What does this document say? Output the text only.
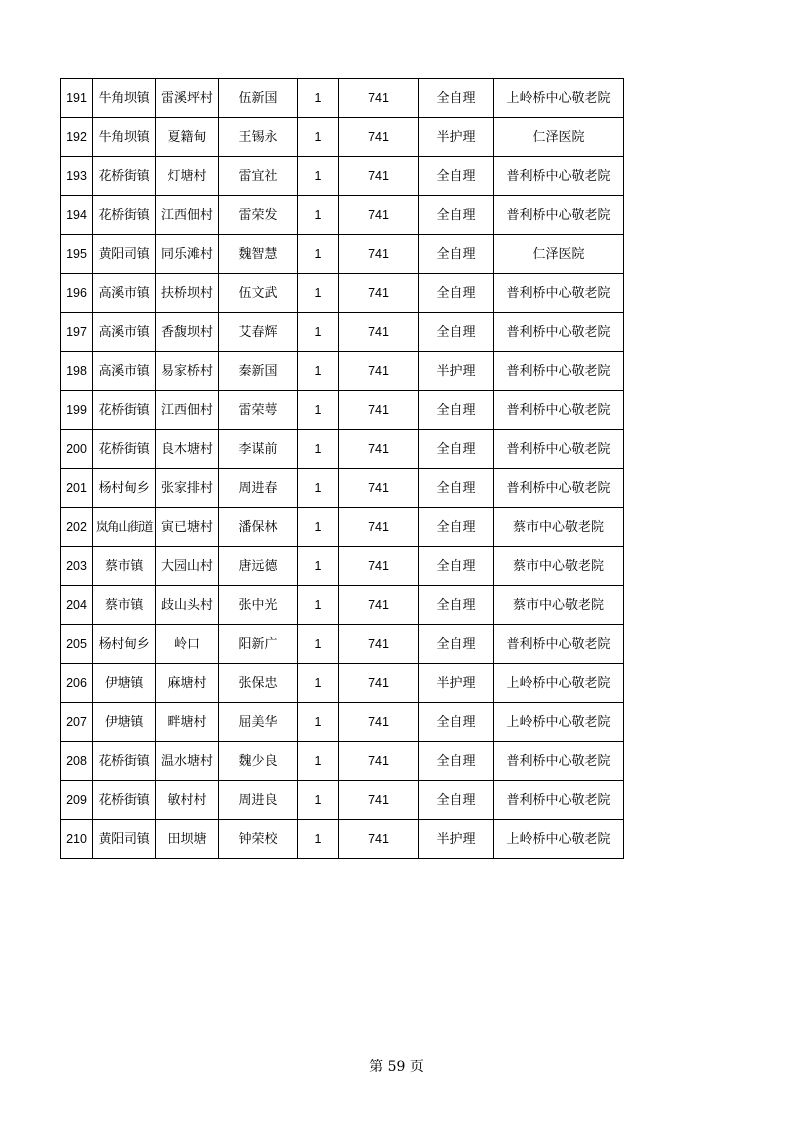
191	牛角坝镇	雷溪坪村	伍新国	1	741	全自理	上岭桥中心敬老院
192	牛角坝镇	夏籍甸	王锡永	1	741	半护理	仁泽医院
193	花桥街镇	灯塘村	雷宜社	1	741	全自理	普利桥中心敬老院
194	花桥街镇	江西佃村	雷荣发	1	741	全自理	普利桥中心敬老院
195	黄阳司镇	同乐滩村	魏智慧	1	741	全自理	仁泽医院
196	高溪市镇	扶桥坝村	伍文武	1	741	全自理	普利桥中心敬老院
197	高溪市镇	香馥坝村	艾春辉	1	741	全自理	普利桥中心敬老院
198	高溪市镇	易家桥村	秦新国	1	741	半护理	普利桥中心敬老院
199	花桥街镇	江西佃村	雷荣萼	1	741	全自理	普利桥中心敬老院
200	花桥街镇	良木塘村	李谋前	1	741	全自理	普利桥中心敬老院
201	杨村甸乡	张家排村	周进春	1	741	全自理	普利桥中心敬老院
202	岚角山街道	寅已塘村	潘保林	1	741	全自理	蔡市中心敬老院
203	蔡市镇	大园山村	唐远德	1	741	全自理	蔡市中心敬老院
204	蔡市镇	歧山头村	张中光	1	741	全自理	蔡市中心敬老院
205	杨村甸乡	岭口	阳新广	1	741	全自理	普利桥中心敬老院
206	伊塘镇	麻塘村	张保忠	1	741	半护理	上岭桥中心敬老院
207	伊塘镇	畔塘村	屈美华	1	741	全自理	上岭桥中心敬老院
208	花桥街镇	温水塘村	魏少良	1	741	全自理	普利桥中心敬老院
209	花桥街镇	敏村村	周进良	1	741	全自理	普利桥中心敬老院
210	黄阳司镇	田坝塘	钟荣校	1	741	半护理	上岭桥中心敬老院
第 59 页
